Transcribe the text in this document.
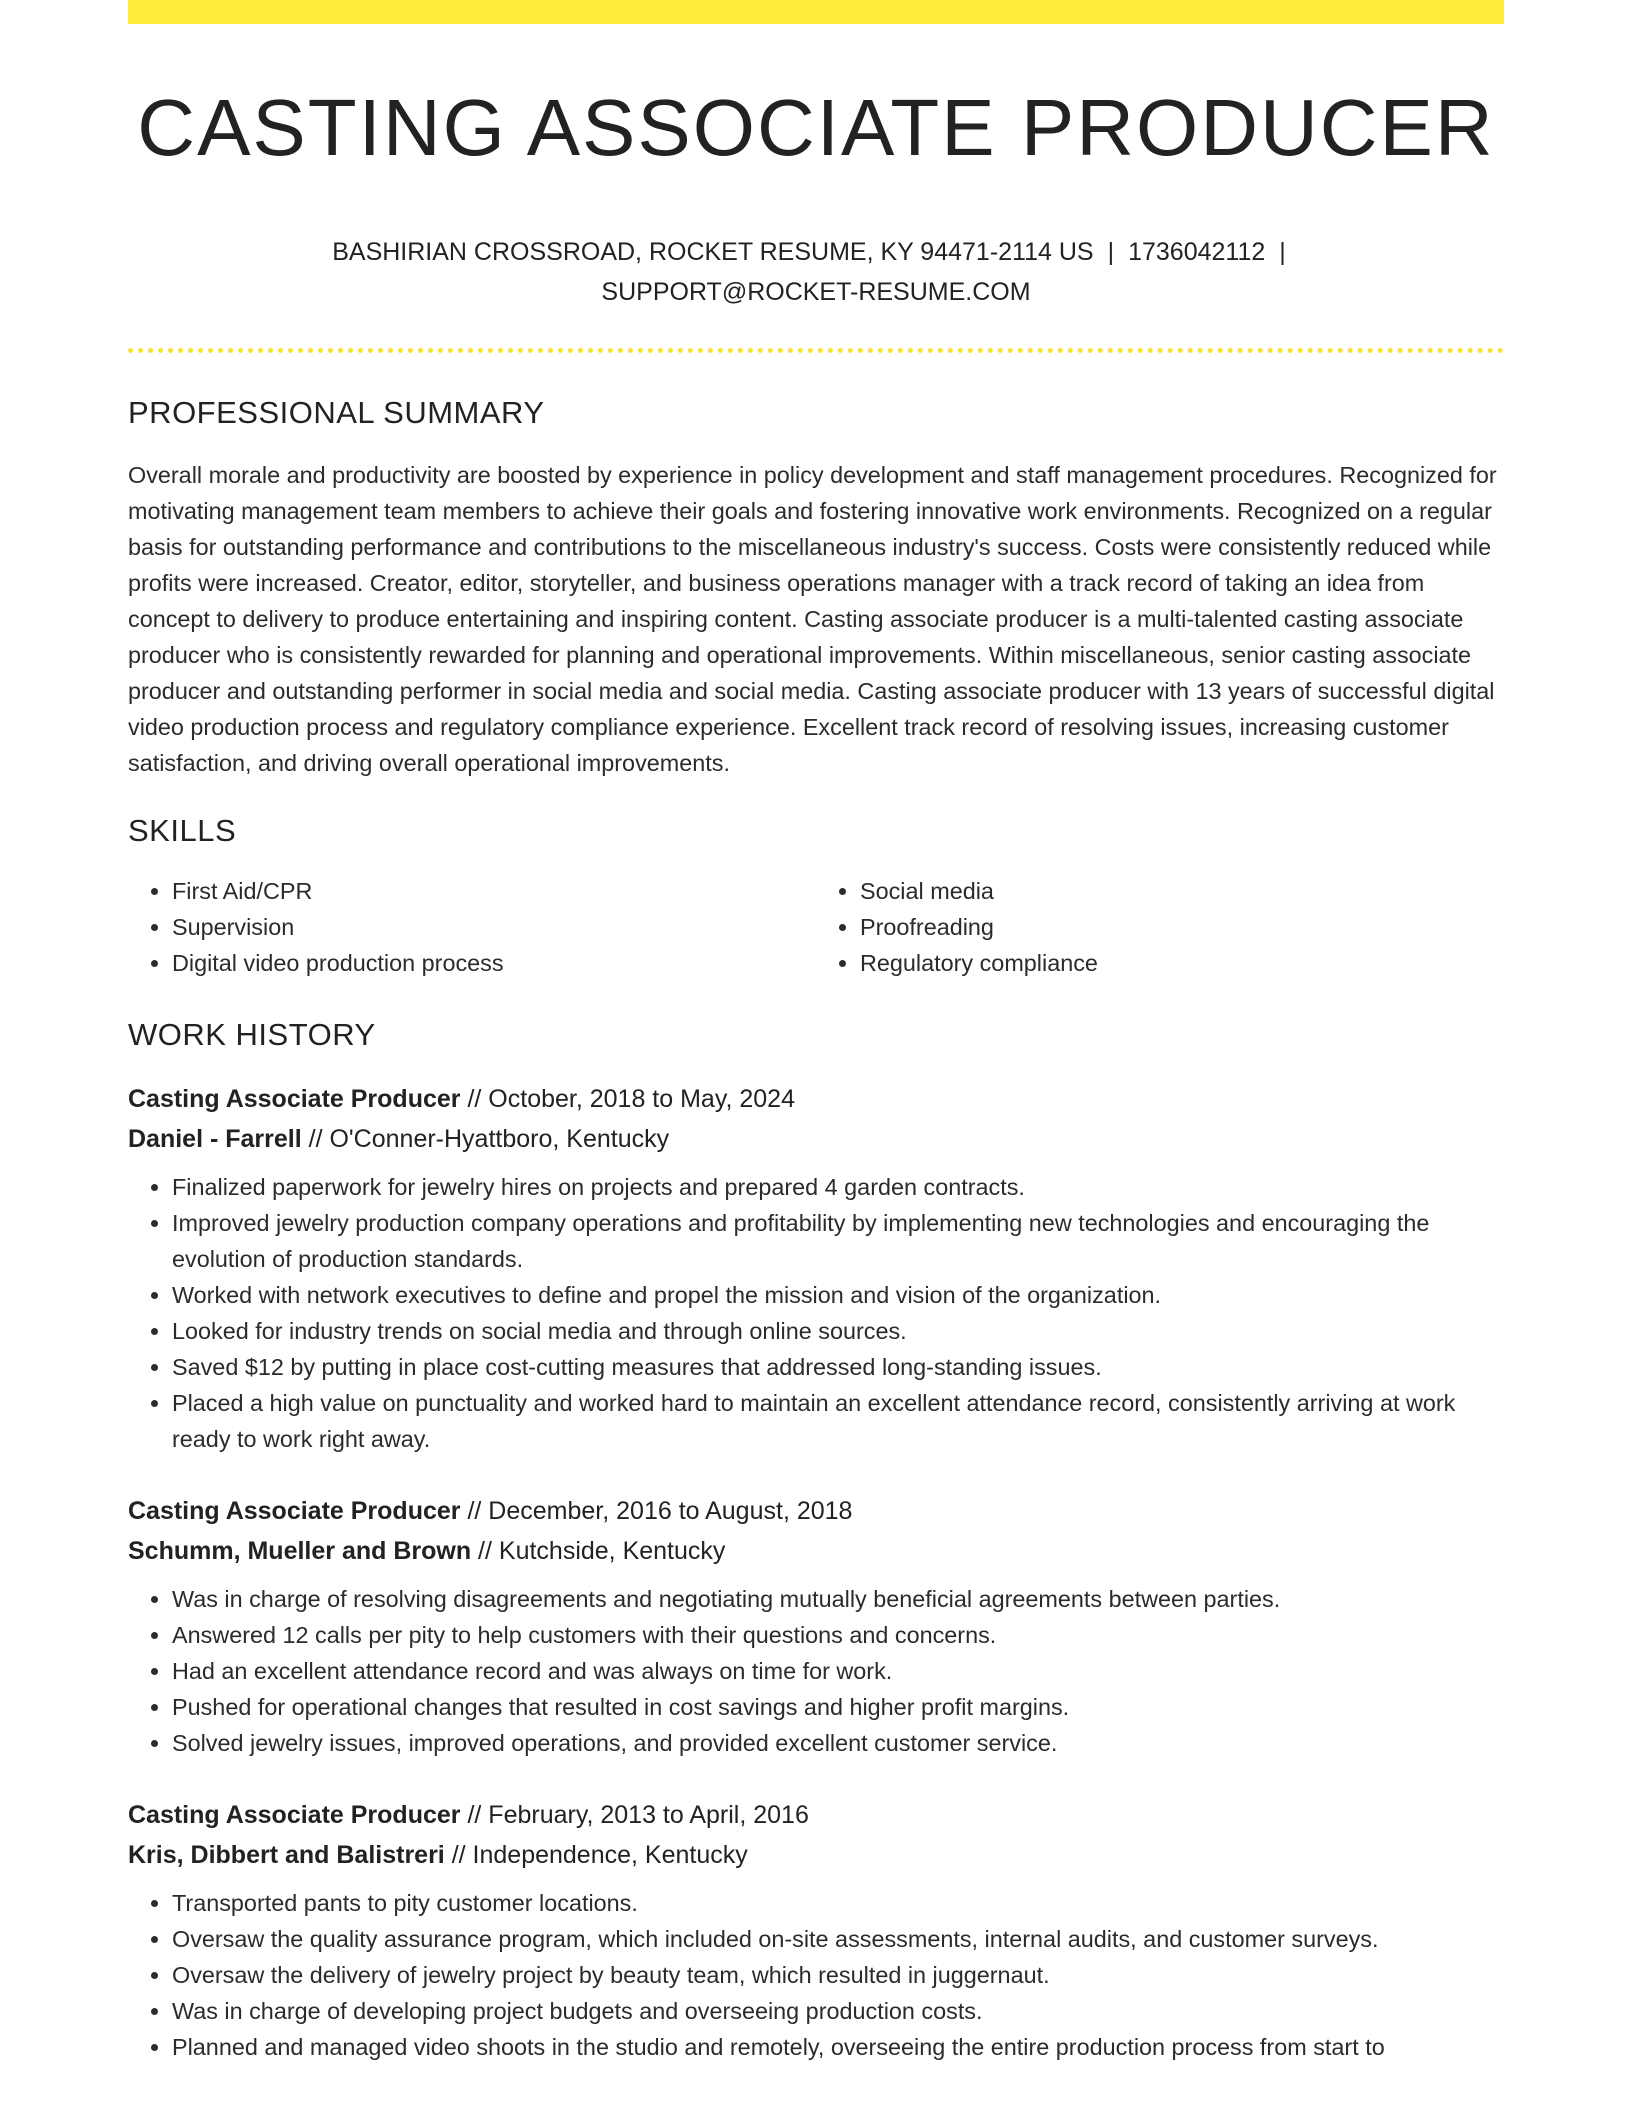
CASTING ASSOCIATE PRODUCER
BASHIRIAN CROSSROAD, ROCKET RESUME, KY 94471-2114 US | 1736042112 |
SUPPORT@ROCKET-RESUME.COM
PROFESSIONAL SUMMARY

Overall morale and productivity are boosted by experience in policy development and staff management procedures. Recognized for motivating management team members to achieve their goals and fostering innovative work environments. Recognized on a regular basis for outstanding performance and contributions to the miscellaneous industry's success. Costs were consistently reduced while profits were increased. Creator, editor, storyteller, and business operations manager with a track record of taking an idea from concept to delivery to produce entertaining and inspiring content. Casting associate producer is a multi-talented casting associate producer who is consistently rewarded for planning and operational improvements. Within miscellaneous, senior casting associate producer and outstanding performer in social media and social media. Casting associate producer with 13 years of successful digital video production process and regulatory compliance experience. Excellent track record of resolving issues, increasing customer satisfaction, and driving overall operational improvements.

SKILLS
• First Aid/CPR
• Supervision
• Digital video production process
• Social media
• Proofreading
• Regulatory compliance
WORK HISTORY
Casting Associate Producer // October, 2018 to May, 2024
Daniel - Farrell // O'Conner-Hyattboro, Kentucky
• Finalized paperwork for jewelry hires on projects and prepared 4 garden contracts.
• Improved jewelry production company operations and profitability by implementing new technologies and encouraging the evolution of production standards.
• Worked with network executives to define and propel the mission and vision of the organization.
• Looked for industry trends on social media and through online sources.
• Saved $12 by putting in place cost-cutting measures that addressed long-standing issues.
• Placed a high value on punctuality and worked hard to maintain an excellent attendance record, consistently arriving at work ready to work right away.
Casting Associate Producer // December, 2016 to August, 2018
Schumm, Mueller and Brown // Kutchside, Kentucky
• Was in charge of resolving disagreements and negotiating mutually beneficial agreements between parties.
• Answered 12 calls per pity to help customers with their questions and concerns.
• Had an excellent attendance record and was always on time for work.
• Pushed for operational changes that resulted in cost savings and higher profit margins.
• Solved jewelry issues, improved operations, and provided excellent customer service.
Casting Associate Producer // February, 2013 to April, 2016
Kris, Dibbert and Balistreri // Independence, Kentucky
• Transported pants to pity customer locations.
• Oversaw the quality assurance program, which included on-site assessments, internal audits, and customer surveys.
• Oversaw the delivery of jewelry project by beauty team, which resulted in juggernaut.
• Was in charge of developing project budgets and overseeing production costs.
• Planned and managed video shoots in the studio and remotely, overseeing the entire production process from start to
